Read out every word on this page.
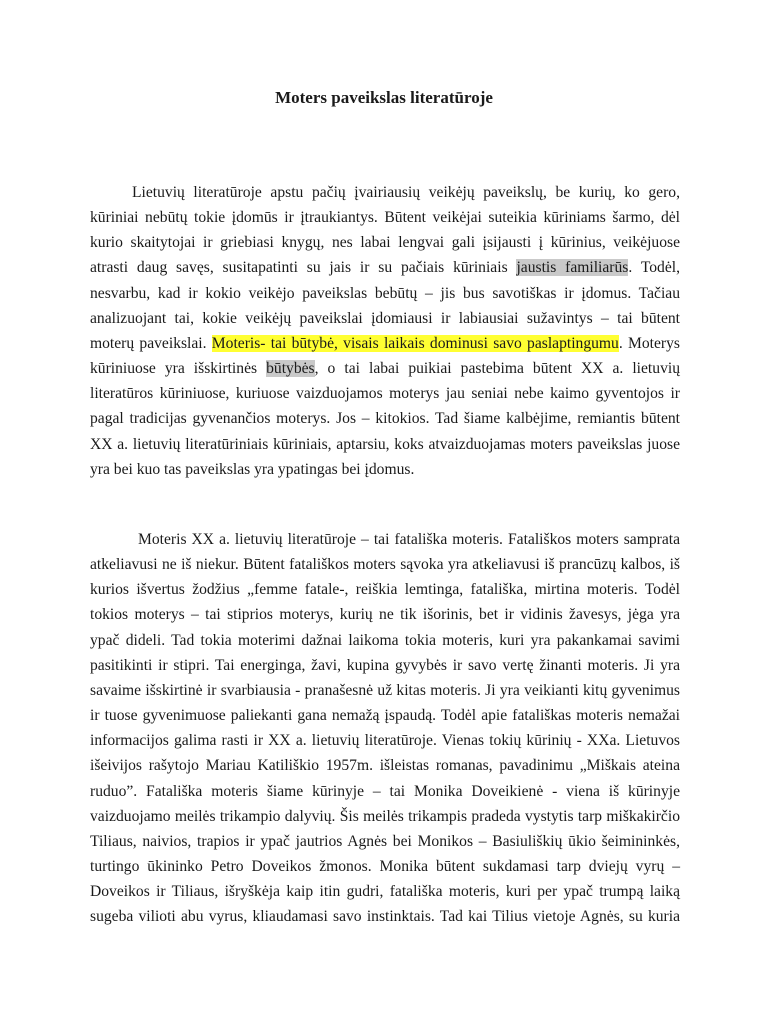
Moters paveikslas literatūroje
Lietuvių literatūroje apstu pačių įvairiausių veikėjų paveikslų, be kurių, ko gero,
kūriniai nebūtų tokie įdomūs ir įtraukiantys. Būtent veikėjai suteikia kūriniams šarmo, dėl
kurio skaitytojai ir griebiasi knygų, nes labai lengvai gali įsijausti į kūrinius, veikėjuose
atrasti daug savęs, susitapatinti su jais ir su pačiais kūriniais jaustis familiarūs. Todėl,
nesvarbu, kad ir kokio veikėjo paveikslas bebūtų – jis bus savotiškas ir įdomus. Tačiau
analizuojant tai, kokie veikėjų paveikslai įdomiausi ir labiausiai sužavintys – tai būtent
moterų paveikslai. Moteris- tai būtybė, visais laikais dominusi savo paslaptingumu. Moterys
kūriniuose yra išskirtinės būtybės, o tai labai puikiai pastebima būtent XX a. lietuvių
literatūros kūriniuose, kuriuose vaizduojamos moterys jau seniai nebe kaimo gyventojos ir
pagal tradicijas gyvenančios moterys. Jos – kitokios. Tad šiame kalbėjime, remiantis būtent
XX a. lietuvių literatūriniais kūriniais, aptarsiu, koks atvaizduojamas moters paveikslas juose
yra bei kuo tas paveikslas yra ypatingas bei įdomus.
Moteris XX a. lietuvių literatūroje – tai fatališka moteris. Fatališkos moters samprata
atkeliavusi ne iš niekur. Būtent fatališkos moters sąvoka yra atkeliavusi iš prancūzų kalbos, iš
kurios išvertus žodžius „femme fatale-, reiškia lemtinga, fatališka, mirtina moteris. Todėl
tokios moterys – tai stiprios moterys, kurių ne tik išorinis, bet ir vidinis žavesys, jėga yra
ypač dideli. Tad tokia moterimi dažnai laikoma tokia moteris, kuri yra pakankamai savimi
pasitikinti ir stipri. Tai energinga, žavi, kupina gyvybės ir savo vertę žinanti moteris. Ji yra
savaime išskirtinė ir svarbiausia - pranašesnė už kitas moteris. Ji yra veikianti kitų gyvenimus
ir tuose gyvenimuose paliekanti gana nemažą įspaudą. Todėl apie fatališkas moteris nemažai
informacijos galima rasti ir XX a. lietuvių literatūroje. Vienas tokių kūrinių - XXa. Lietuvos
išeivijos rašytojo Mariau Katiliškio 1957m. išleistas romanas, pavadinimu „Miškais ateina
ruduo”. Fatališka moteris šiame kūrinyje – tai Monika Doveikienė - viena iš kūrinyje
vaizduojamo meilės trikampio dalyvių. Šis meilės trikampis pradeda vystytis tarp miškakirčio
Tiliaus, naivios, trapios ir ypač jautrios Agnės bei Monikos – Basiuliškių ūkio šeimininkės,
turtingo ūkininko Petro Doveikos žmonos. Monika būtent sukdamasi tarp dviejų vyrų –
Doveikos ir Tiliaus, išryškėja kaip itin gudri, fatališka moteris, kuri per ypač trumpą laiką
sugeba vilioti abu vyrus, kliaudamasi savo instinktais. Tad kai Tilius vietoje Agnės, su kuria
